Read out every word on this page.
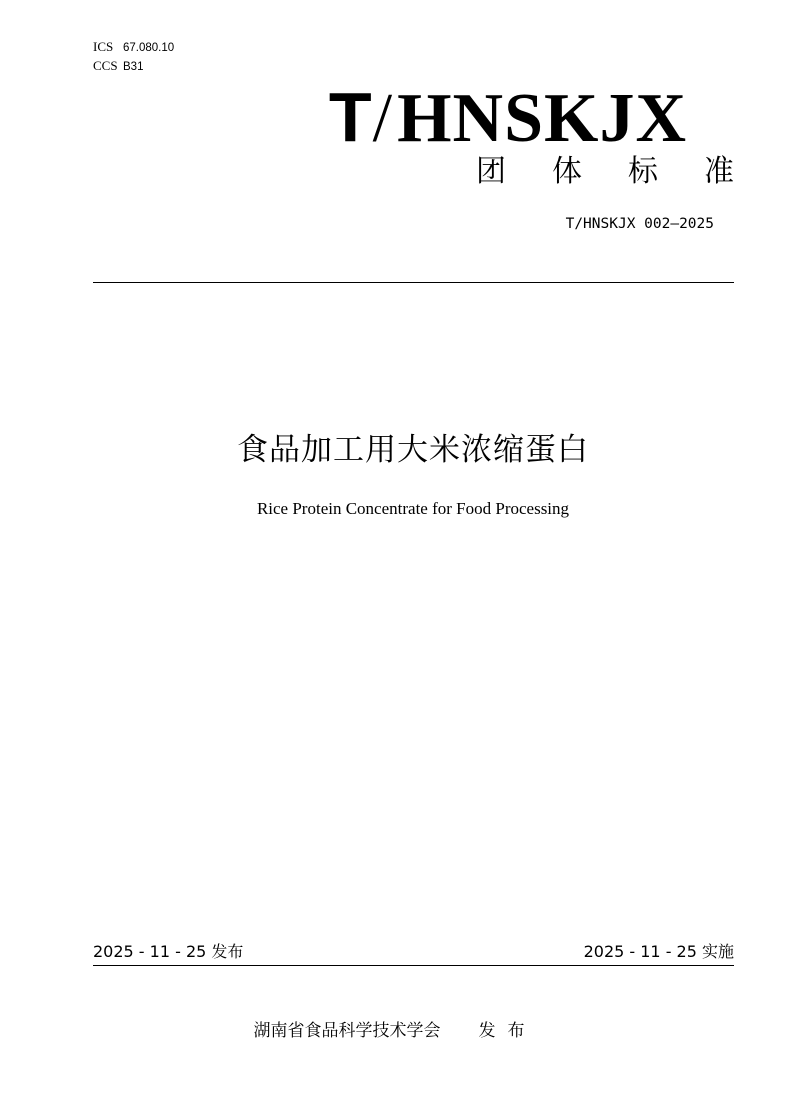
ICS 67.080.10
CCS B31
T/HNSKJX
团体标准
T/HNSKJX 002—2025
食品加工用大米浓缩蛋白
Rice Protein Concentrate for Food Processing
2025 - 11 - 25 发布	2025 - 11 - 25 实施
湖南省食品科学技术学会 发布
